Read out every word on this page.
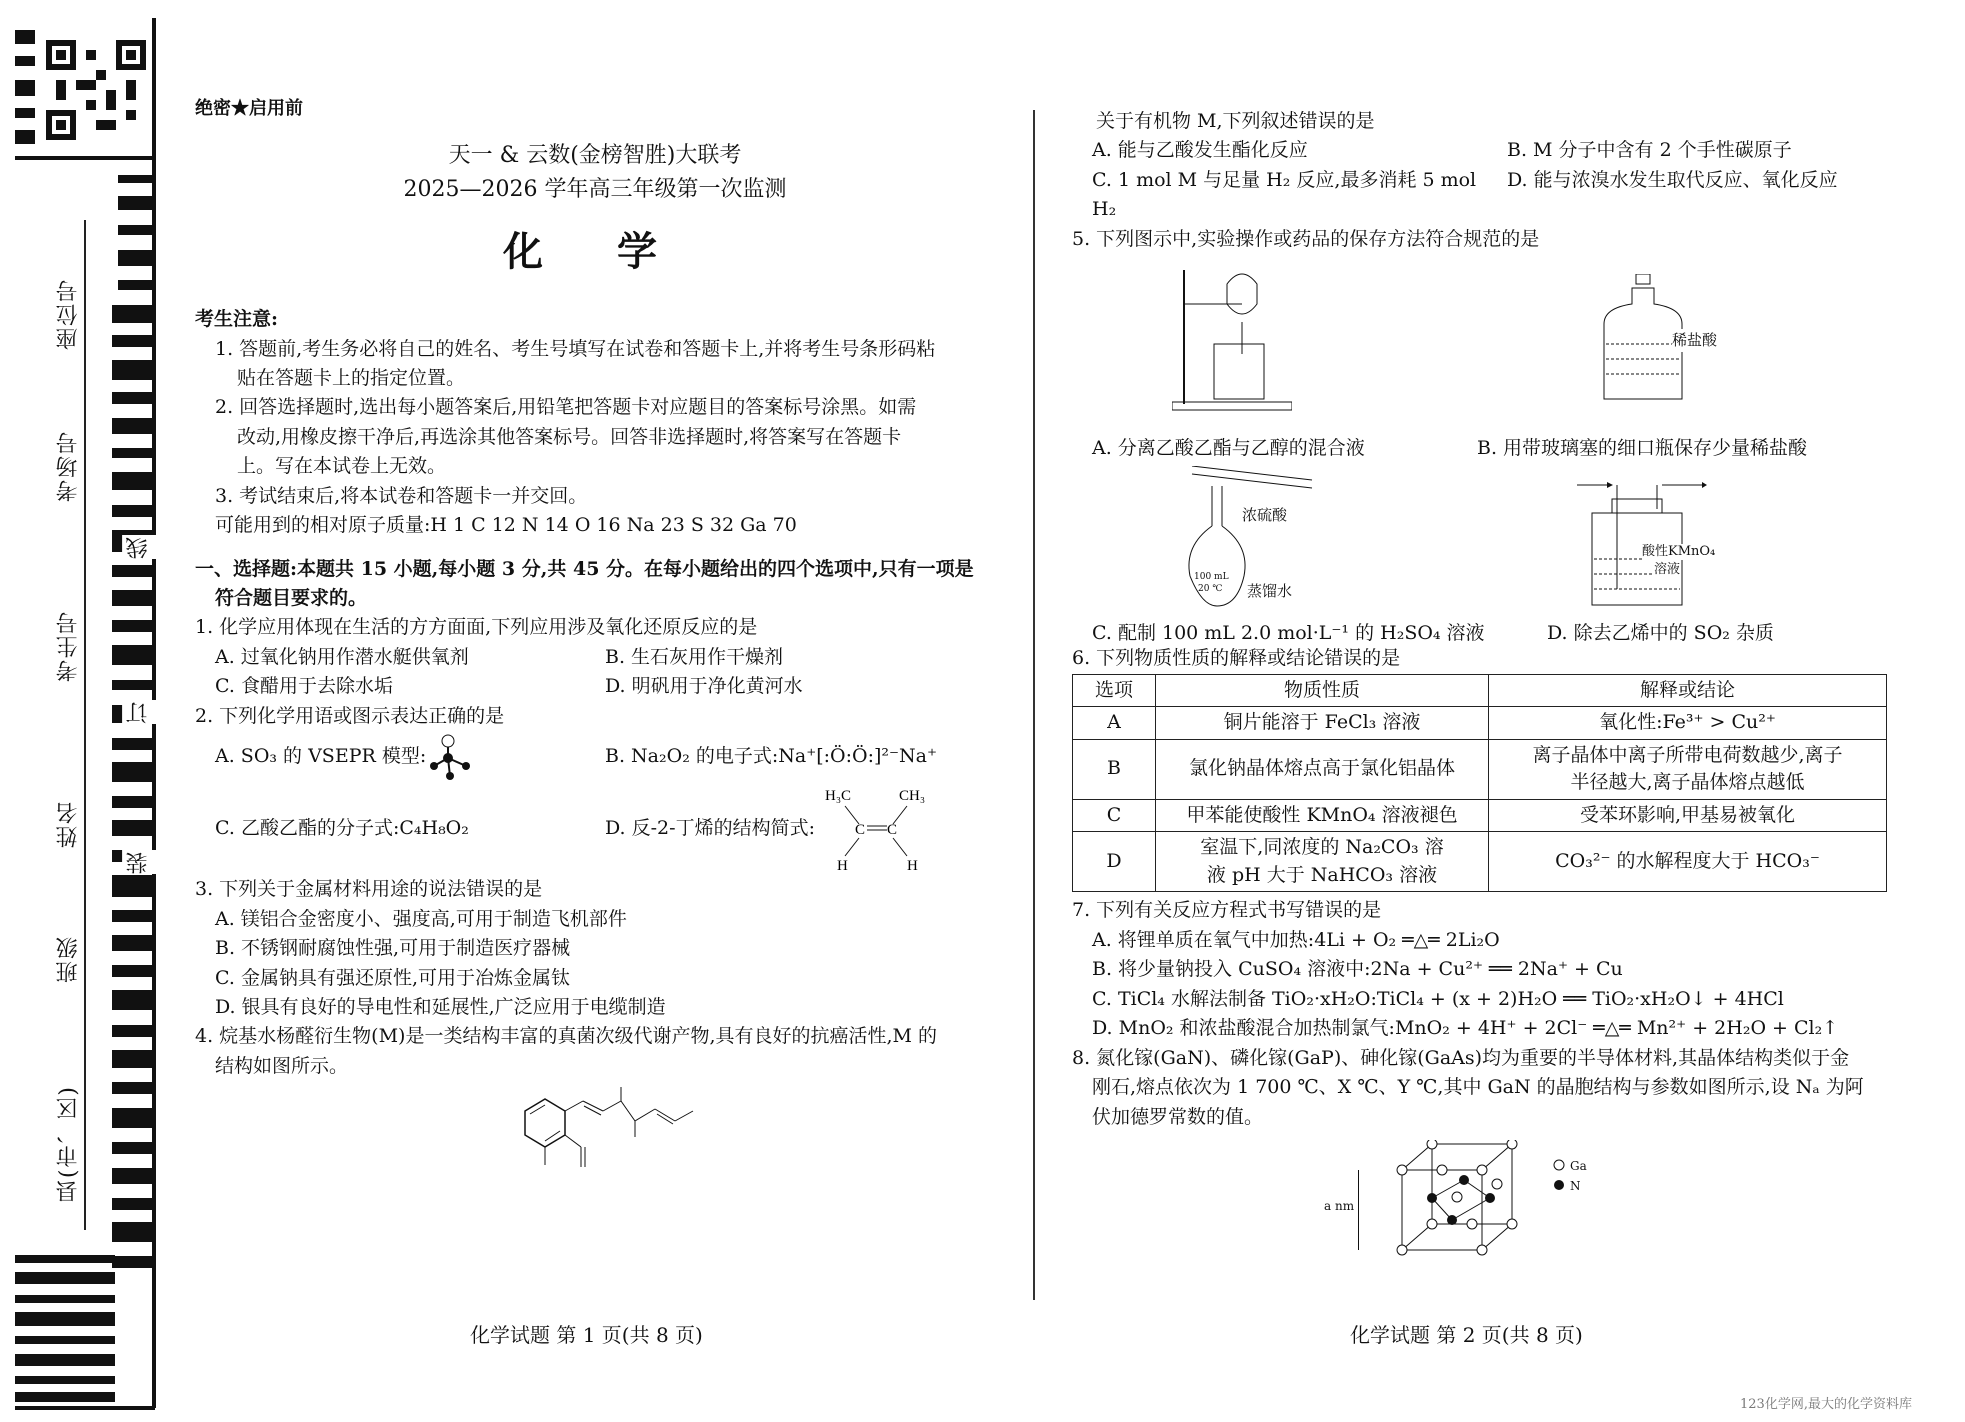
座位号
考场号
考生号
姓名
班级
县(市、区)
线
订
装
绝密★启用前
天一 & 云数(金榜智胜)大联考
2025—2026 学年高三年级第一次监测
化 学
考生注意:
1. 答题前,考生务必将自己的姓名、考生号填写在试卷和答题卡上,并将考生号条形码粘
贴在答题卡上的指定位置。
2. 回答选择题时,选出每小题答案后,用铅笔把答题卡对应题目的答案标号涂黑。如需
改动,用橡皮擦干净后,再选涂其他答案标号。回答非选择题时,将答案写在答题卡
上。写在本试卷上无效。
3. 考试结束后,将本试卷和答题卡一并交回。
可能用到的相对原子质量:H 1 C 12 N 14 O 16 Na 23 S 32 Ga 70
一、选择题:本题共 15 小题,每小题 3 分,共 45 分。在每小题给出的四个选项中,只有一项是
符合题目要求的。
1. 化学应用体现在生活的方方面面,下列应用涉及氧化还原反应的是
A. 过氧化钠用作潜水艇供氧剂	B. 生石灰用作干燥剂
C. 食醋用于去除水垢	D. 明矾用于净化黄河水
2. 下列化学用语或图示表达正确的是
A. SO₃ 的 VSEPR 模型:	B. Na₂O₂ 的电子式:Na⁺[:Ö:Ö:]²⁻Na⁺
C. 乙酸乙酯的分子式:C₄H₈O₂	D. 反-2-丁烯的结构简式:
H₃C	CH₃
C C
H	H
3. 下列关于金属材料用途的说法错误的是
A. 镁铝合金密度小、强度高,可用于制造飞机部件
B. 不锈钢耐腐蚀性强,可用于制造医疗器械
C. 金属钠具有强还原性,可用于冶炼金属钛
D. 银具有良好的导电性和延展性,广泛应用于电缆制造
4. 烷基水杨醛衍生物(M)是一类结构丰富的真菌次级代谢产物,具有良好的抗癌活性,M 的
结构如图所示。
化学试题 第 1 页(共 8 页)
关于有机物 M,下列叙述错误的是
A. 能与乙酸发生酯化反应	B. M 分子中含有 2 个手性碳原子
C. 1 mol M 与足量 H₂ 反应,最多消耗 5 mol H₂
D. 能与浓溴水发生取代反应、氧化反应
5. 下列图示中,实验操作或药品的保存方法符合规范的是
A. 分离乙酸乙酯与乙醇的混合液
稀盐酸
B. 用带玻璃塞的细口瓶保存少量稀盐酸
浓硫酸
100 mL
20 ℃ 蒸馏水
C. 配制 100 mL 2.0 mol·L⁻¹ 的 H₂SO₄ 溶液
酸性KMnO₄
溶液
D. 除去乙烯中的 SO₂ 杂质
6. 下列物质性质的解释或结论错误的是
选项	物质性质	解释或结论
A	铜片能溶于 FeCl₃ 溶液	氧化性:Fe³⁺ > Cu²⁺
B	氯化钠晶体熔点高于氯化铝晶体	离子晶体中离子所带电荷数越少,离子半径越大,离子晶体熔点越低
C	甲苯能使酸性 KMnO₄ 溶液褪色	受苯环影响,甲基易被氧化
D	室温下,同浓度的 Na₂CO₃ 溶液 pH 大于 NaHCO₃ 溶液	CO₃²⁻ 的水解程度大于 HCO₃⁻
7. 下列有关反应方程式书写错误的是
A. 将锂单质在氧气中加热:4Li + O₂ ═△═ 2Li₂O
B. 将少量钠投入 CuSO₄ 溶液中:2Na + Cu²⁺ ══ 2Na⁺ + Cu
C. TiCl₄ 水解法制备 TiO₂·xH₂O:TiCl₄ + (x + 2)H₂O ══ TiO₂·xH₂O↓ + 4HCl
D. MnO₂ 和浓盐酸混合加热制氯气:MnO₂ + 4H⁺ + 2Cl⁻ ═△═ Mn²⁺ + 2H₂O + Cl₂↑
8. 氮化镓(GaN)、磷化镓(GaP)、砷化镓(GaAs)均为重要的半导体材料,其晶体结构类似于金
刚石,熔点依次为 1 700 ℃、X ℃、Y ℃,其中 GaN 的晶胞结构与参数如图所示,设 Nₐ 为阿
伏加德罗常数的值。
a nm
Ga
N
化学试题 第 2 页(共 8 页)
123化学网,最大的化学资料库
